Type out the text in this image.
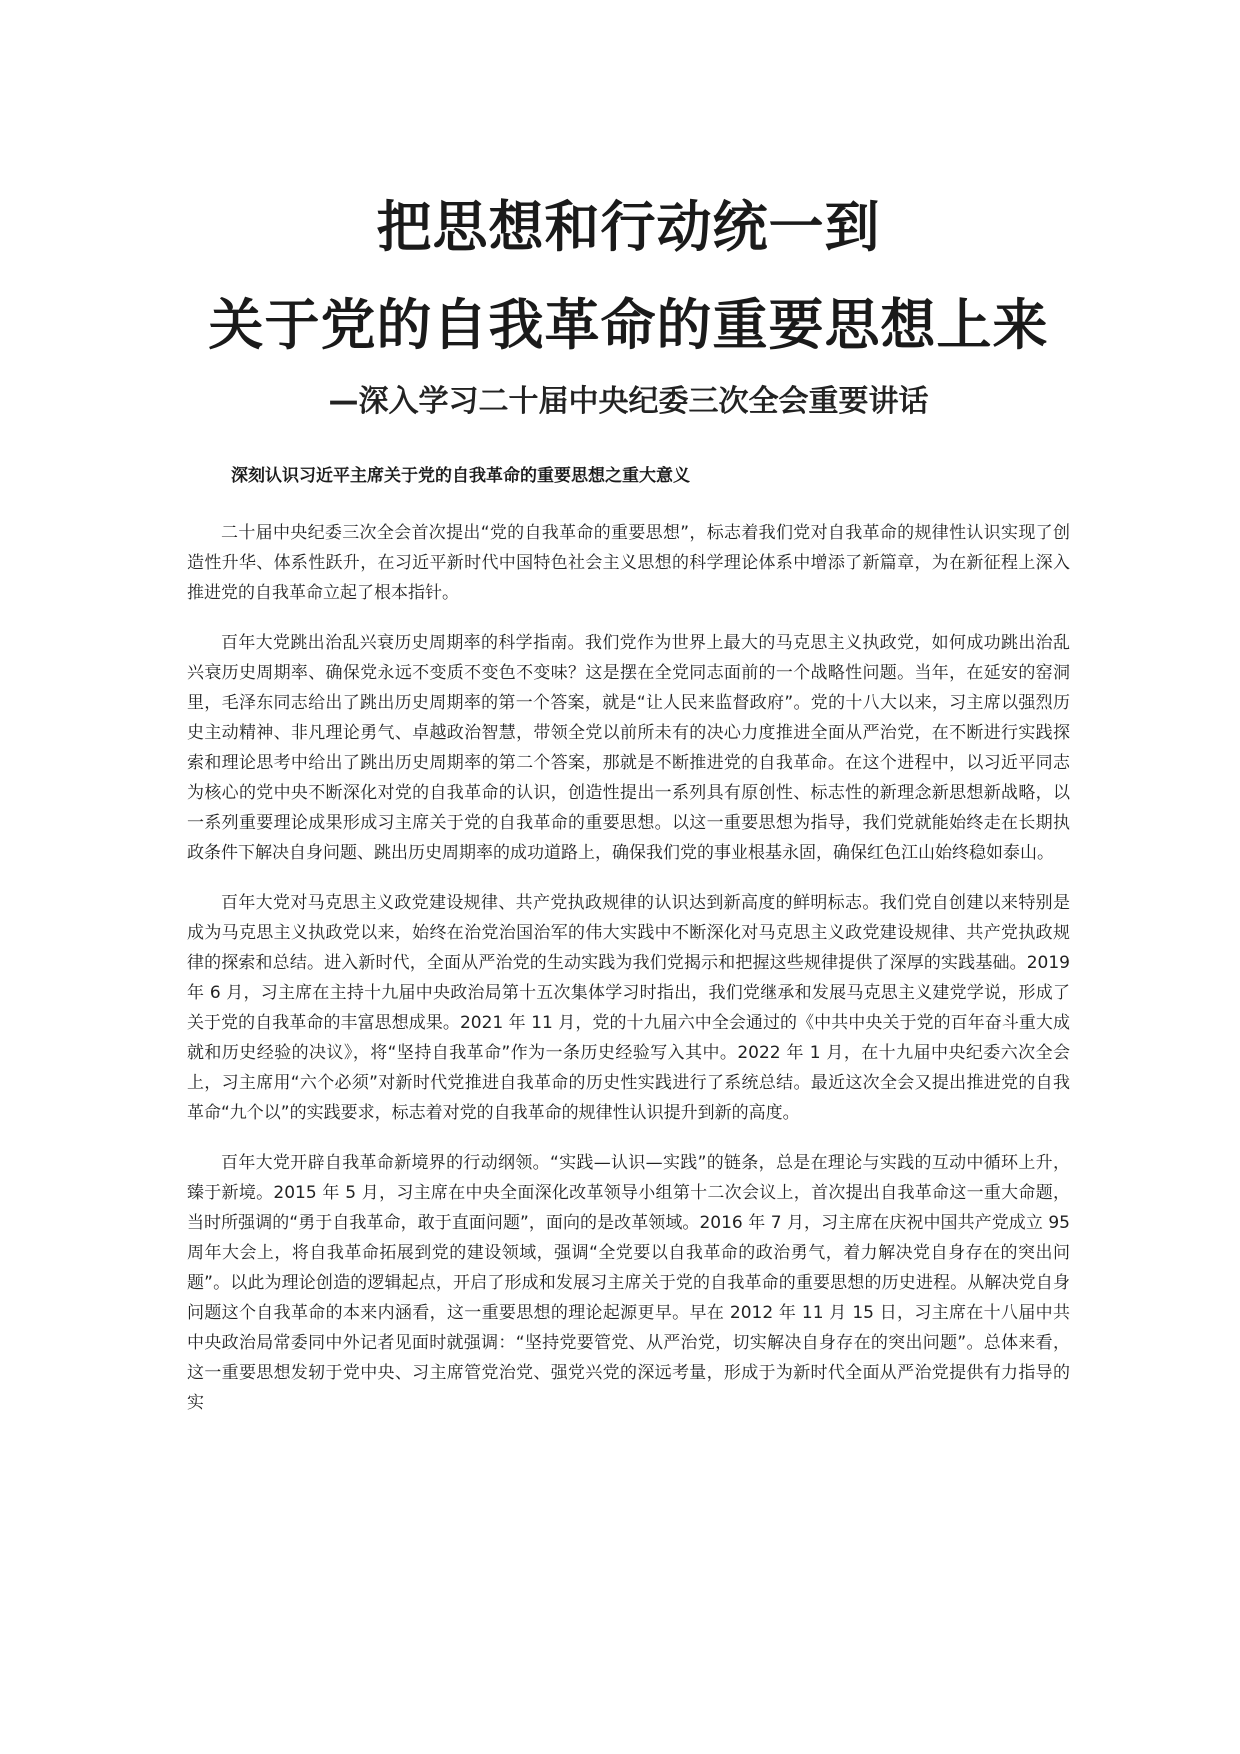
把思想和行动统一到
关于党的自我革命的重要思想上来
—深入学习二十届中央纪委三次全会重要讲话
深刻认识习近平主席关于党的自我革命的重要思想之重大意义

二十届中央纪委三次全会首次提出“党的自我革命的重要思想”，标志着我们党对自我革命的规律性认识实现了创造性升华、体系性跃升，在习近平新时代中国特色社会主义思想的科学理论体系中增添了新篇章，为在新征程上深入推进党的自我革命立起了根本指针。

百年大党跳出治乱兴衰历史周期率的科学指南。我们党作为世界上最大的马克思主义执政党，如何成功跳出治乱兴衰历史周期率、确保党永远不变质不变色不变味？这是摆在全党同志面前的一个战略性问题。当年，在延安的窑洞里，毛泽东同志给出了跳出历史周期率的第一个答案，就是“让人民来监督政府”。党的十八大以来，习主席以强烈历史主动精神、非凡理论勇气、卓越政治智慧，带领全党以前所未有的决心力度推进全面从严治党，在不断进行实践探索和理论思考中给出了跳出历史周期率的第二个答案，那就是不断推进党的自我革命。在这个进程中，以习近平同志为核心的党中央不断深化对党的自我革命的认识，创造性提出一系列具有原创性、标志性的新理念新思想新战略，以一系列重要理论成果形成习主席关于党的自我革命的重要思想。以这一重要思想为指导，我们党就能始终走在长期执政条件下解决自身问题、跳出历史周期率的成功道路上，确保我们党的事业根基永固，确保红色江山始终稳如泰山。

百年大党对马克思主义政党建设规律、共产党执政规律的认识达到新高度的鲜明标志。我们党自创建以来特别是成为马克思主义执政党以来，始终在治党治国治军的伟大实践中不断深化对马克思主义政党建设规律、共产党执政规律的探索和总结。进入新时代，全面从严治党的生动实践为我们党揭示和把握这些规律提供了深厚的实践基础。2019 年 6 月，习主席在主持十九届中央政治局第十五次集体学习时指出，我们党继承和发展马克思主义建党学说，形成了关于党的自我革命的丰富思想成果。2021 年 11 月，党的十九届六中全会通过的《中共中央关于党的百年奋斗重大成就和历史经验的决议》，将“坚持自我革命”作为一条历史经验写入其中。2022 年 1 月，在十九届中央纪委六次全会上，习主席用“六个必须”对新时代党推进自我革命的历史性实践进行了系统总结。最近这次全会又提出推进党的自我革命“九个以”的实践要求，标志着对党的自我革命的规律性认识提升到新的高度。

百年大党开辟自我革命新境界的行动纲领。“实践—认识—实践”的链条，总是在理论与实践的互动中循环上升，臻于新境。2015 年 5 月，习主席在中央全面深化改革领导小组第十二次会议上，首次提出自我革命这一重大命题，当时所强调的“勇于自我革命，敢于直面问题”，面向的是改革领域。2016 年 7 月，习主席在庆祝中国共产党成立 95 周年大会上，将自我革命拓展到党的建设领域，强调“全党要以自我革命的政治勇气，着力解决党自身存在的突出问题”。以此为理论创造的逻辑起点，开启了形成和发展习主席关于党的自我革命的重要思想的历史进程。从解决党自身问题这个自我革命的本来内涵看，这一重要思想的理论起源更早。早在 2012 年 11 月 15 日，习主席在十八届中共中央政治局常委同中外记者见面时就强调：“坚持党要管党、从严治党，切实解决自身存在的突出问题”。总体来看，这一重要思想发轫于党中央、习主席管党治党、强党兴党的深远考量，形成于为新时代全面从严治党提供有力指导的实
